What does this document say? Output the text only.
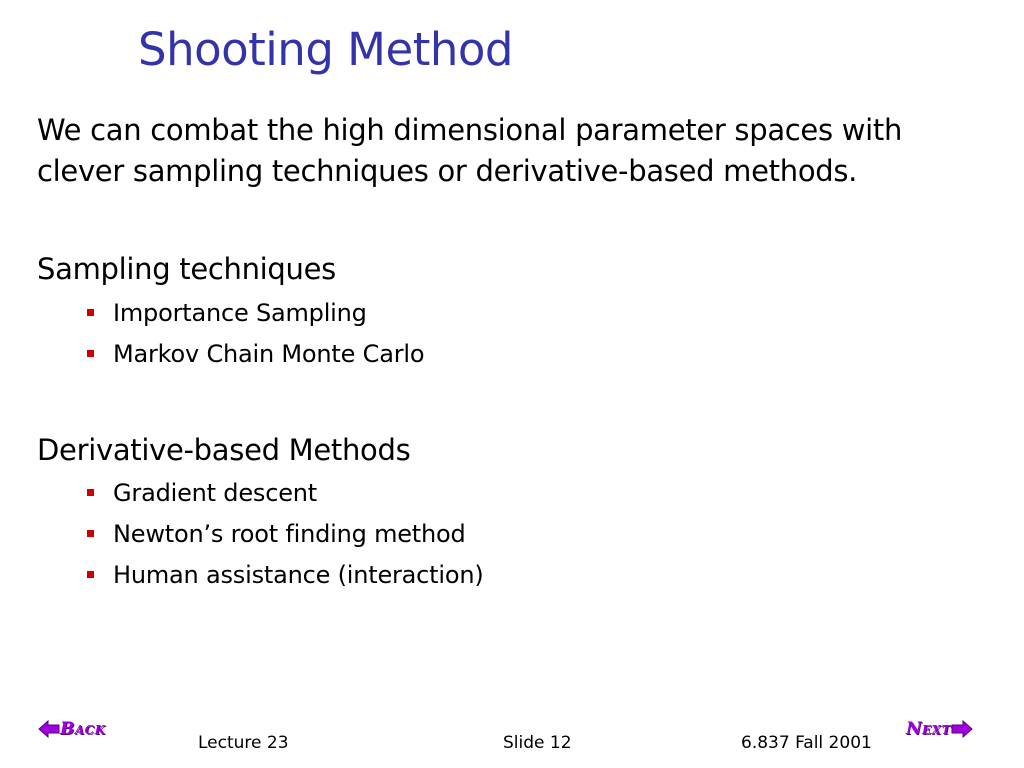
Shooting Method
We can combat the high dimensional parameter spaces with clever sampling techniques or derivative-based methods.
Sampling techniques
Importance Sampling
Markov Chain Monte Carlo
Derivative-based Methods
Gradient descent
Newton’s root finding method
Human assistance (interaction)
Back	Next
Lecture 23	Slide 12	6.837 Fall 2001
